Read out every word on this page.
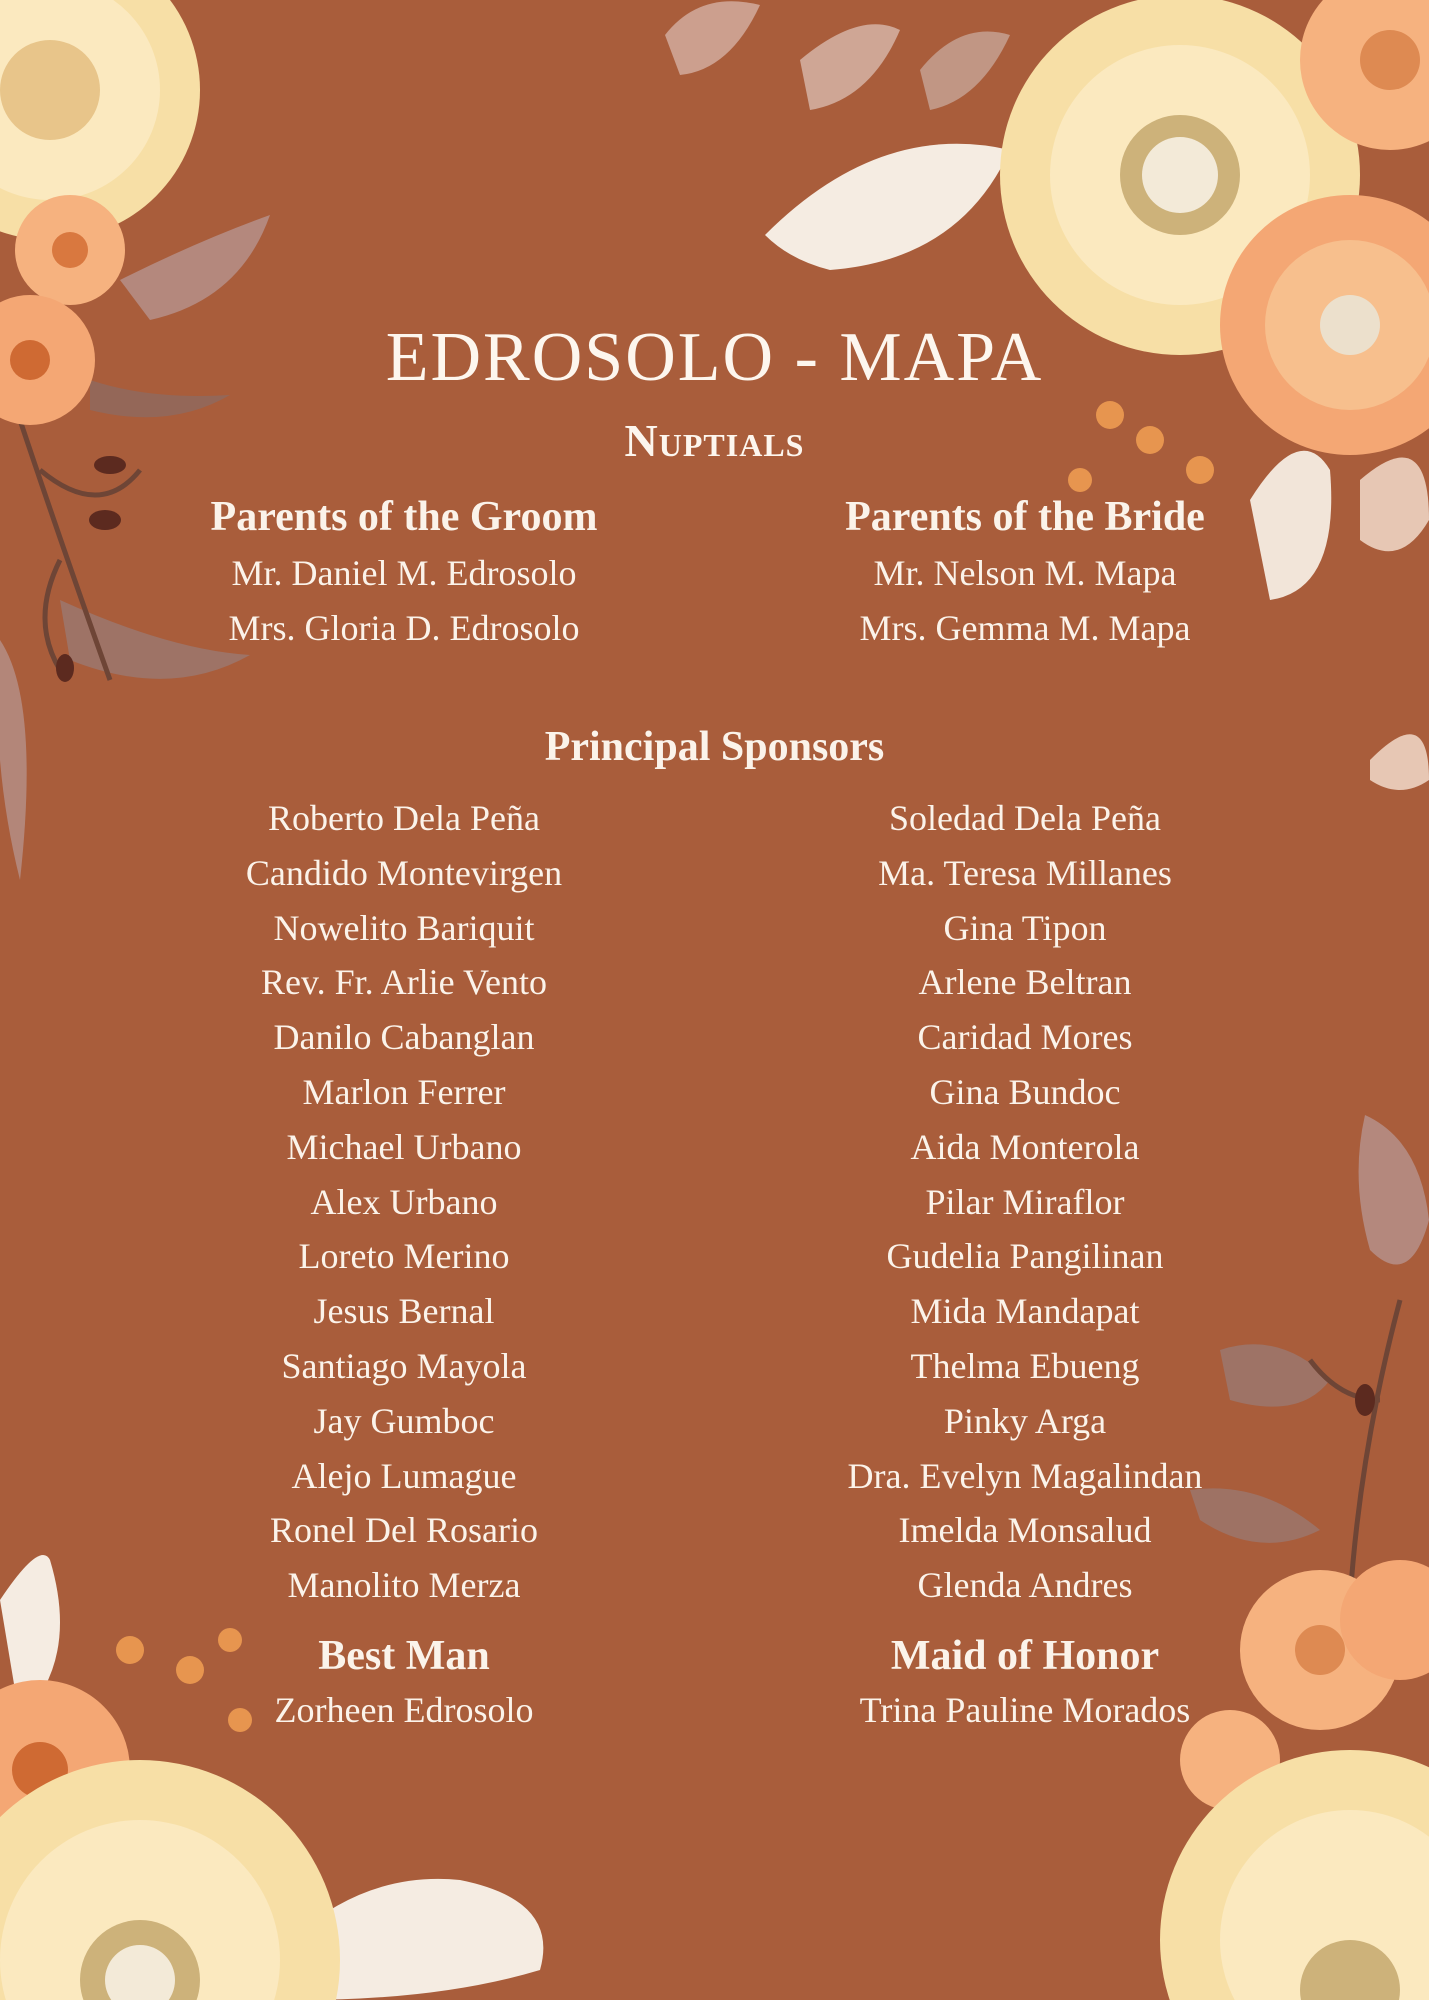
EDROSOLO - MAPA
Nuptials
Parents of the Groom
Mr. Daniel M. Edrosolo
Mrs. Gloria D. Edrosolo
Parents of the Bride
Mr. Nelson M. Mapa
Mrs. Gemma M. Mapa
Principal Sponsors
Roberto Dela Peña
Candido Montevirgen
Nowelito Bariquit
Rev. Fr. Arlie Vento
Danilo Cabanglan
Marlon Ferrer
Michael Urbano
Alex Urbano
Loreto Merino
Jesus Bernal
Santiago Mayola
Jay Gumboc
Alejo Lumague
Ronel Del Rosario
Manolito Merza
Soledad Dela Peña
Ma. Teresa Millanes
Gina Tipon
Arlene Beltran
Caridad Mores
Gina Bundoc
Aida Monterola
Pilar Miraflor
Gudelia Pangilinan
Mida Mandapat
Thelma Ebueng
Pinky Arga
Dra. Evelyn Magalindan
Imelda Monsalud
Glenda Andres
Best Man
Zorheen Edrosolo
Maid of Honor
Trina Pauline Morados
